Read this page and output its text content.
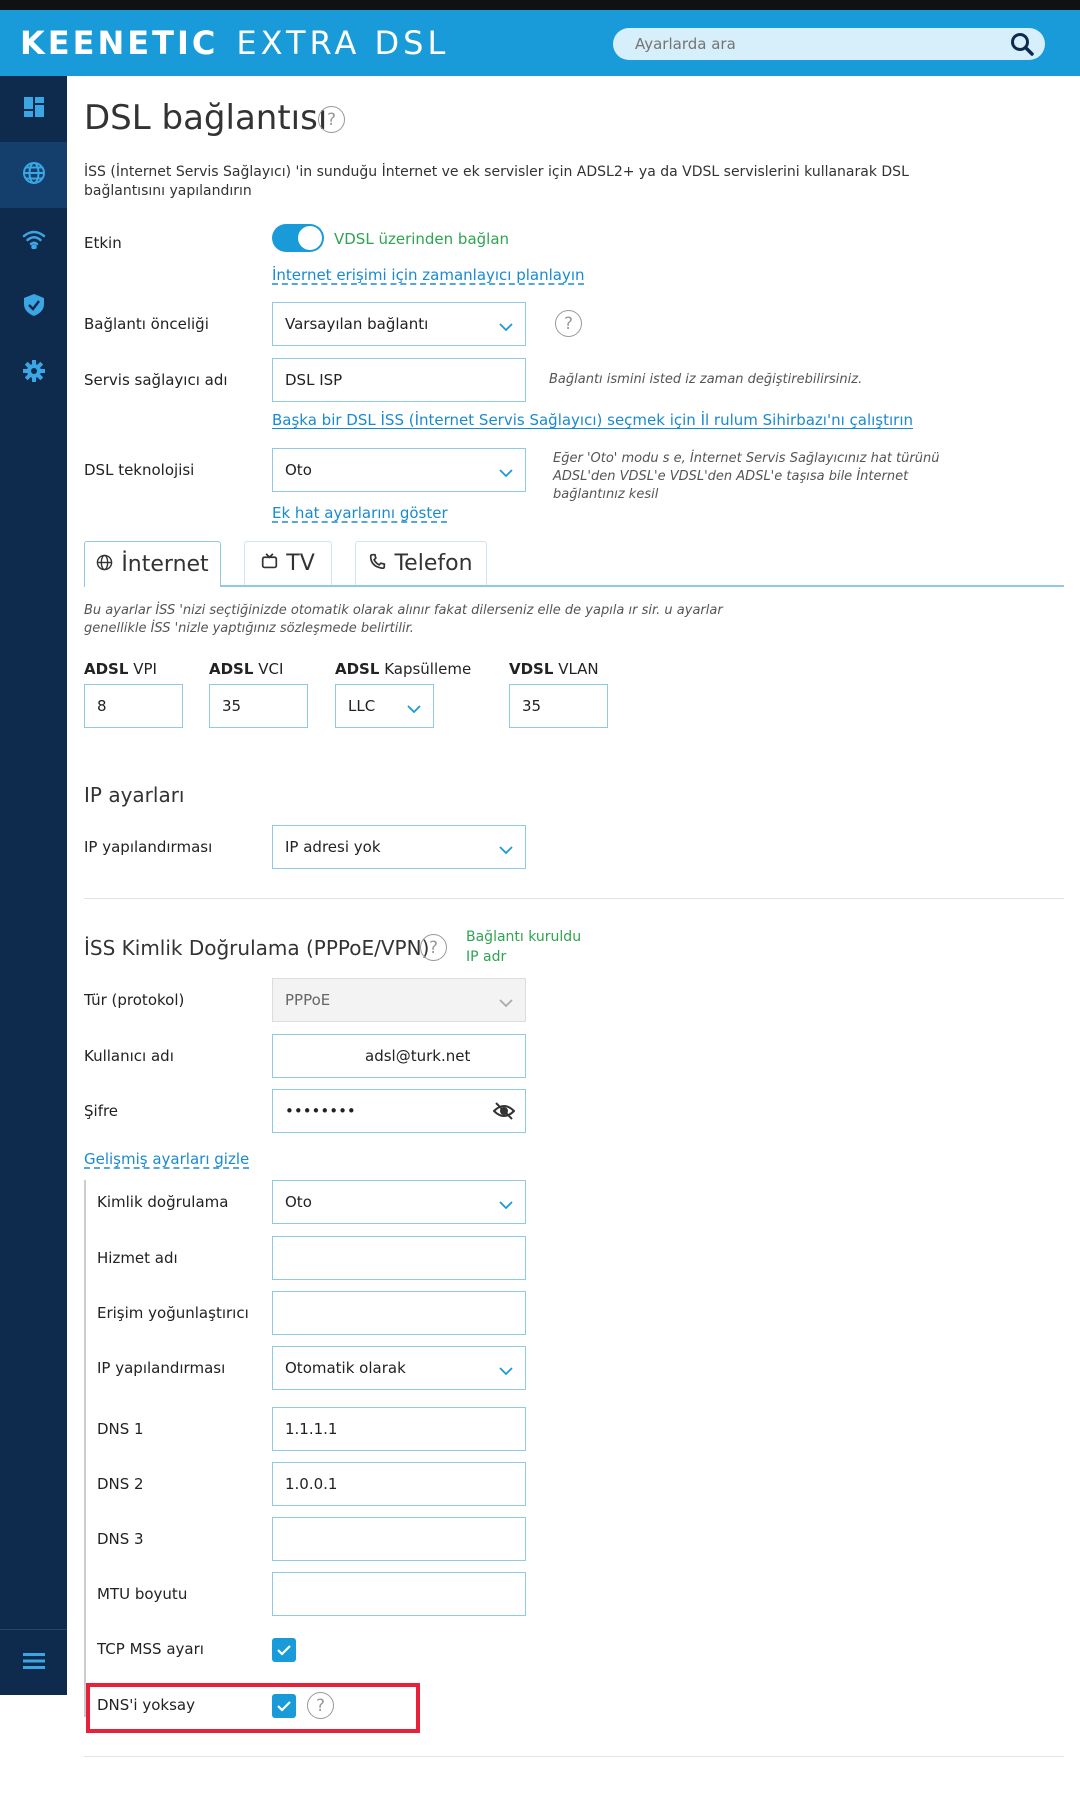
KEENETIC EXTRA DSL
Ayarlarda ara
DSL bağlantısı ?
İSS (İnternet Servis Sağlayıcı) 'in sunduğu İnternet ve ek servisler için ADSL2+ ya da VDSL servislerini kullanarak DSL bağlantısını yapılandırın
Etkin	VDSL üzerinden bağlan
İnternet erişimi için zamanlayıcı planlayın
Bağlantı önceliği	Varsayılan bağlantı	?
Servis sağlayıcı adı	DSL ISP	Bağlantı ismini isted iz zaman değiştirebilirsiniz.
Başka bir DSL İSS (İnternet Servis Sağlayıcı) seçmek için İl rulum Sihirbazı'nı çalıştırın
DSL teknolojisi	Oto
Eğer 'Oto' modu s e, İnternet Servis Sağlayıcınız hat türünü ADSL'den VDSL'e VDSL'den ADSL'e taşısa bile İnternet bağlantınız kesil
Ek hat ayarlarını göster
İnternet	TV	Telefon
Bu ayarlar İSS 'nizi seçtiğinizde otomatik olarak alınır fakat dilerseniz elle de yapıla ır sir. u ayarlar genellikle İSS 'nizle yaptığınız sözleşmede belirtilir.
ADSL VPI
8
ADSL VCI
35
ADSL Kapsülleme
LLC
VDSL VLAN
35
IP ayarları
IP yapılandırması	IP adresi yok
İSS Kimlik Doğrulama (PPPoE/VPN) ?
Bağlantı kuruldu
IP adr
Tür (protokol)	PPPoE
Kullanıcı adı	adsl@turk.net
Şifre	••••••••
Gelişmiş ayarları gizle
Kimlik doğrulama	Oto
Hizmet adı
Erişim yoğunlaştırıcı
IP yapılandırması	Otomatik olarak
DNS 1	1.1.1.1
DNS 2	1.0.0.1
DNS 3
MTU boyutu
TCP MSS ayarı
DNS'i yoksay	?
